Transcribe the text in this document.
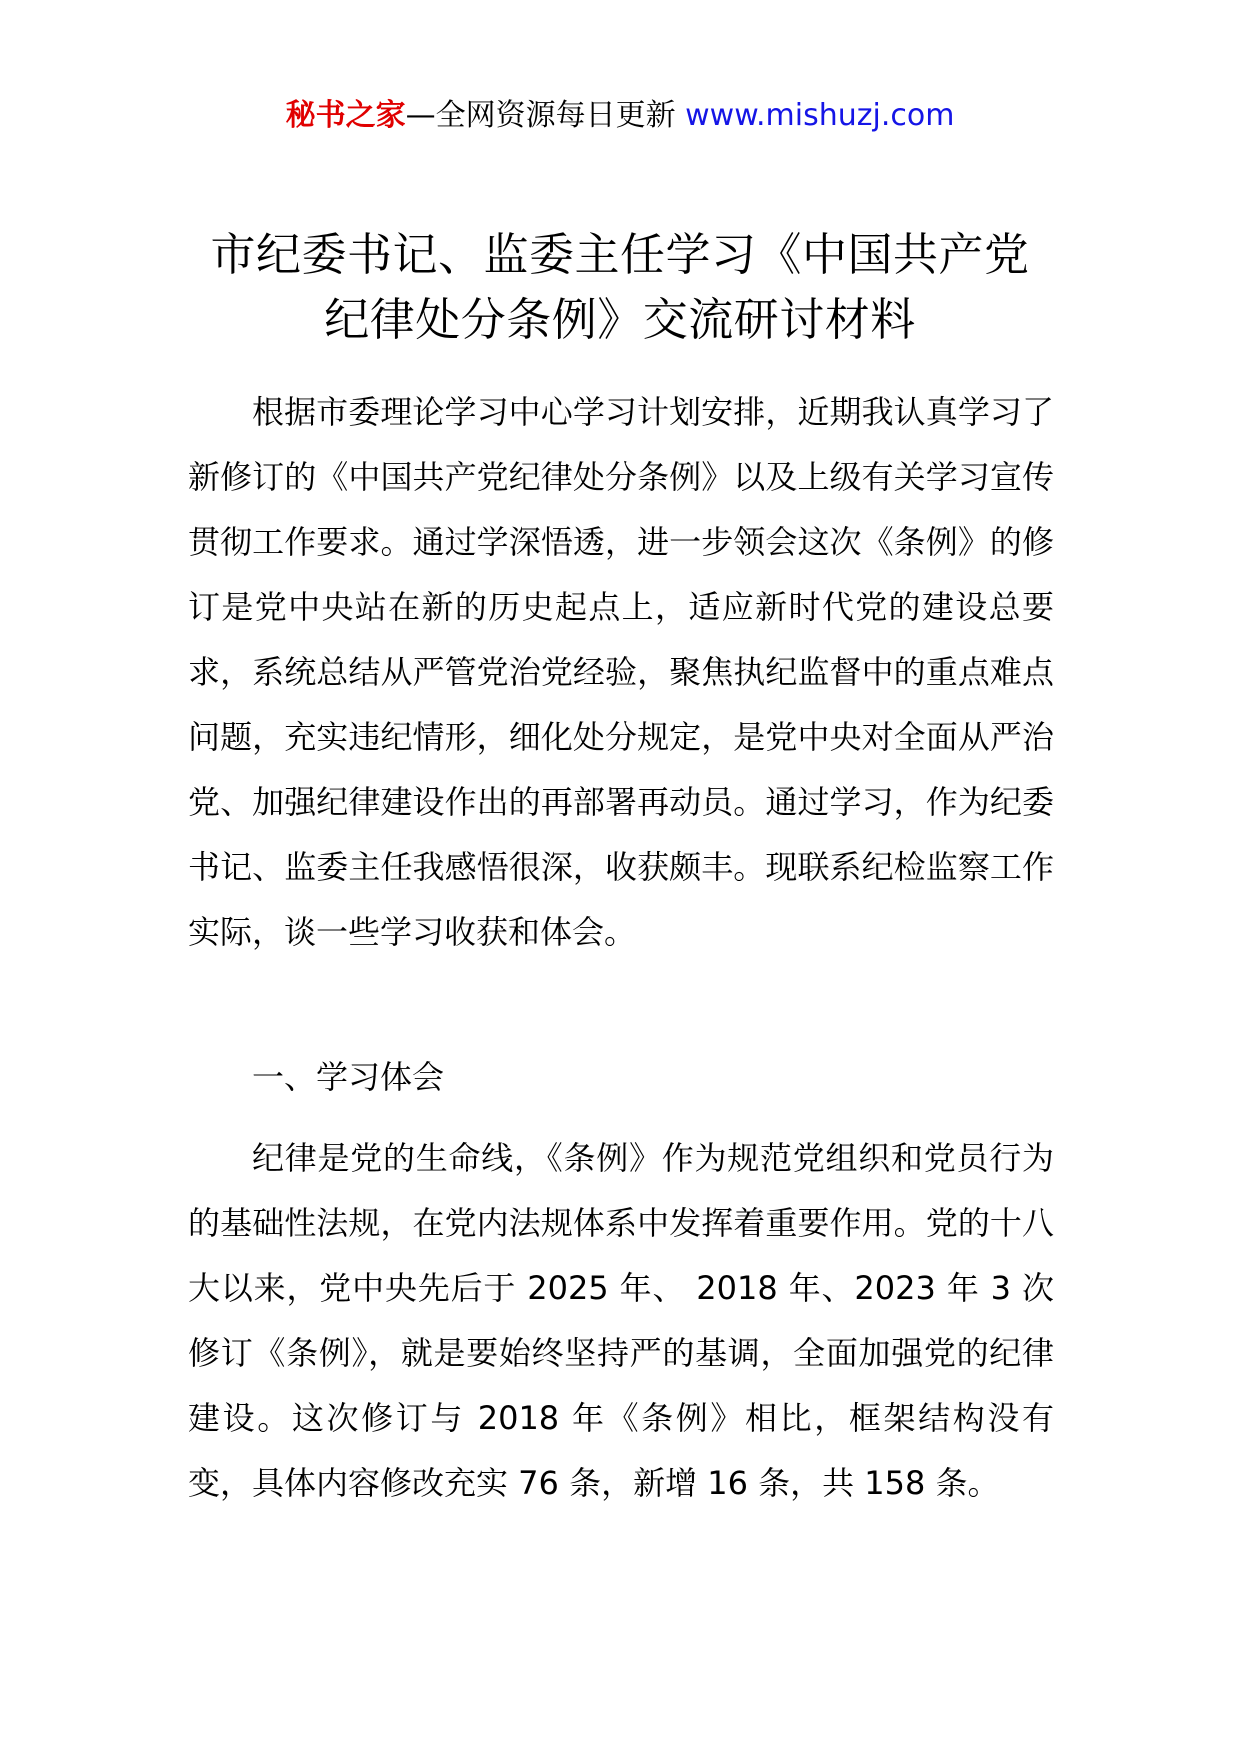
秘书之家—全网资源每日更新 www.mishuzj.com
市纪委书记、监委主任学习《中国共产党
纪律处分条例》交流研讨材料
根据市委理论学习中心学习计划安排，近期我认真学习了新修订的《中国共产党纪律处分条例》以及上级有关学习宣传贯彻工作要求。通过学深悟透，进一步领会这次《条例》的修订是党中央站在新的历史起点上，适应新时代党的建设总要求，系统总结从严管党治党经验，聚焦执纪监督中的重点难点问题，充实违纪情形，细化处分规定，是党中央对全面从严治党、加强纪律建设作出的再部署再动员。通过学习，作为纪委书记、监委主任我感悟很深，收获颇丰。现联系纪检监察工作实际，谈一些学习收获和体会。
一、学习体会
纪律是党的生命线，《条例》作为规范党组织和党员行为的基础性法规，在党内法规体系中发挥着重要作用。党的十八大以来，党中央先后于 2025 年、 2018 年、2023 年 3 次修订《条例》，就是要始终坚持严的基调，全面加强党的纪律建设。这次修订与 2018 年《条例》相比，框架结构没有变，具体内容修改充实 76 条，新增 16 条，共 158 条。
